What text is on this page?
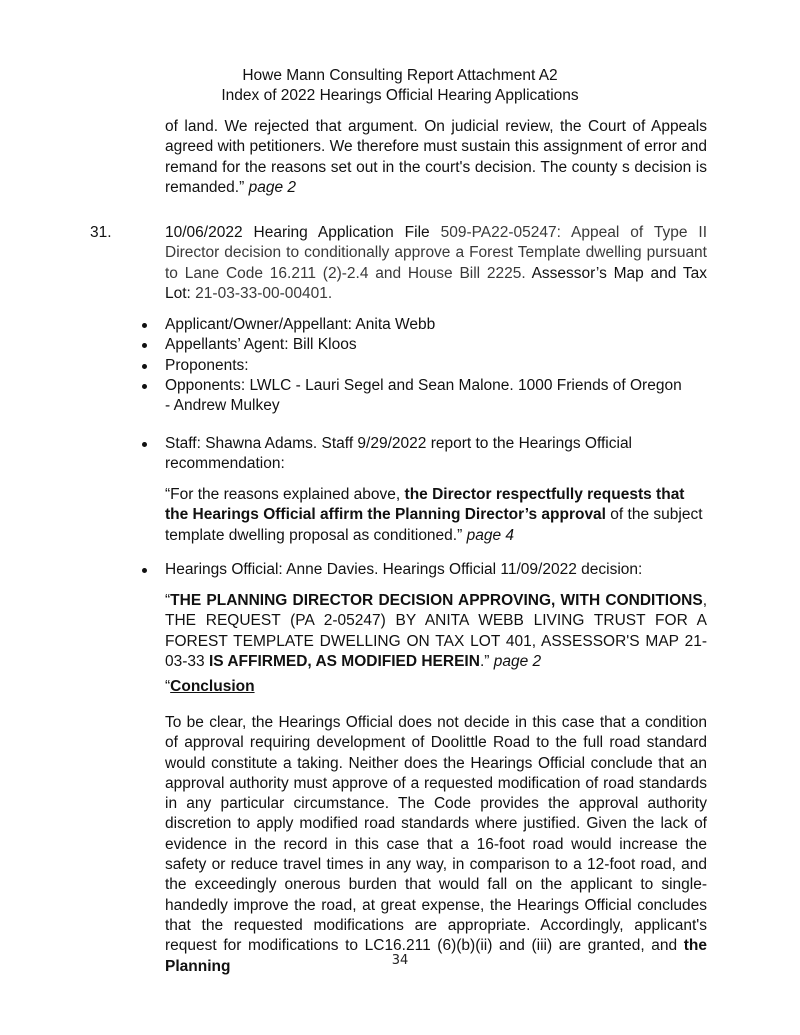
Howe Mann Consulting Report Attachment A2
Index of 2022 Hearings Official Hearing Applications
of land. We rejected that argument. On judicial review, the Court of Appeals agreed with petitioners. We therefore must sustain this assignment of error and remand for the reasons set out in the court's decision. The county s decision is remanded.” page 2
31.	10/06/2022 Hearing Application File 509-PA22-05247: Appeal of Type II Director decision to conditionally approve a Forest Template dwelling pursuant to Lane Code 16.211 (2)-2.4 and House Bill 2225. Assessor’s Map and Tax Lot: 21-03-33-00-00401.
Applicant/Owner/Appellant: Anita Webb
Appellants’ Agent: Bill Kloos
Proponents:
Opponents: LWLC - Lauri Segel and Sean Malone. 1000 Friends of Oregon - Andrew Mulkey
Staff: Shawna Adams. Staff 9/29/2022 report to the Hearings Official recommendation:
“For the reasons explained above, the Director respectfully requests that the Hearings Official affirm the Planning Director’s approval of the subject template dwelling proposal as conditioned.” page 4
Hearings Official: Anne Davies. Hearings Official 11/09/2022 decision:
“THE PLANNING DIRECTOR DECISION APPROVING, WITH CONDITIONS, THE REQUEST (PA 2-05247) BY ANITA WEBB LIVING TRUST FOR A FOREST TEMPLATE DWELLING ON TAX LOT 401, ASSESSOR'S MAP 21-03-33 IS AFFIRMED, AS MODIFIED HEREIN.” page 2
“Conclusion
To be clear, the Hearings Official does not decide in this case that a condition of approval requiring development of Doolittle Road to the full road standard would constitute a taking. Neither does the Hearings Official conclude that an approval authority must approve of a requested modification of road standards in any particular circumstance. The Code provides the approval authority discretion to apply modified road standards where justified. Given the lack of evidence in the record in this case that a 16-foot road would increase the safety or reduce travel times in any way, in comparison to a 12-foot road, and the exceedingly onerous burden that would fall on the applicant to single-handedly improve the road, at great expense, the Hearings Official concludes that the requested modifications are appropriate. Accordingly, applicant's request for modifications to LC16.211 (6)(b)(ii) and (iii) are granted, and the Planning	34
